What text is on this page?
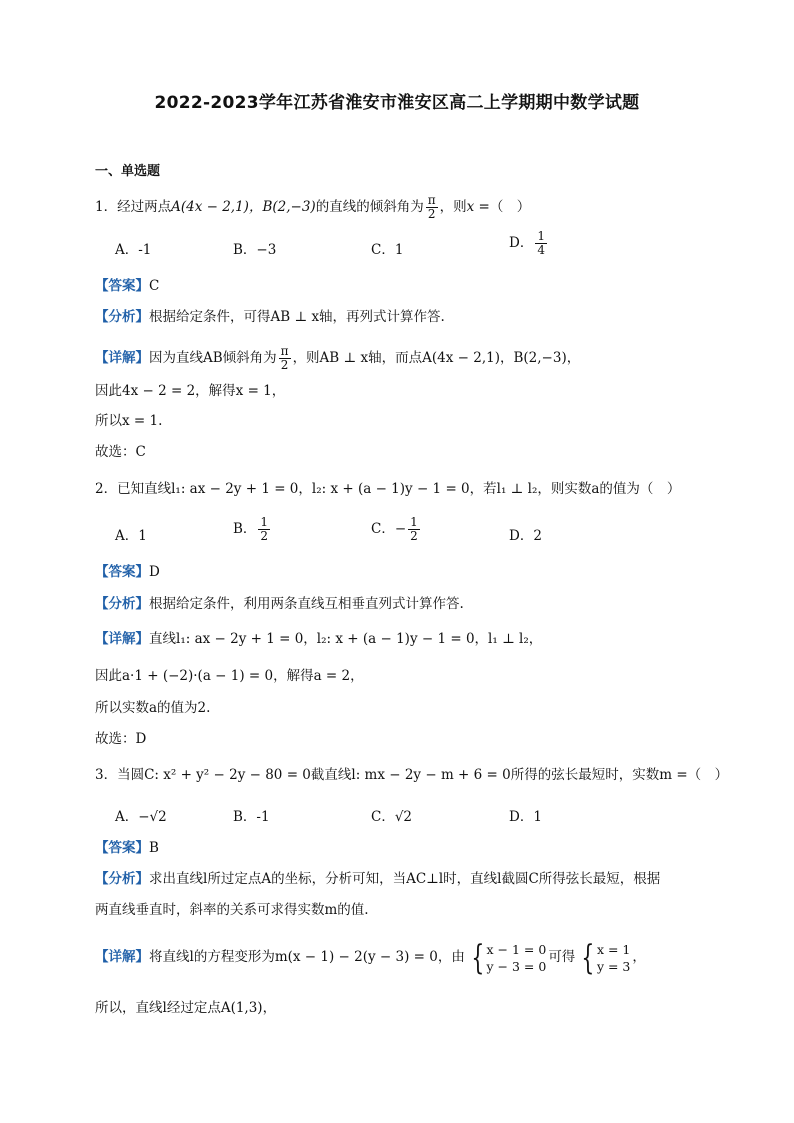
2022-2023学年江苏省淮安市淮安区高二上学期期中数学试题
一、单选题
1．经过两点A(4x − 2,1)，B(2,−3)的直线的倾斜角为 $\frac{\pi}{2}$ ，则x =（　）
A．-1	B．−3	C．1	D． $\frac{1}{4}$
【答案】C
【分析】根据给定条件，可得AB ⊥ x轴，再列式计算作答.
【详解】因为直线AB倾斜角为 $\frac{\pi}{2}$ ，则AB ⊥ x轴，而点A(4x − 2,1)，B(2,−3)，
因此4x − 2 = 2，解得x = 1，
所以x = 1.
故选：C
2．已知直线l₁: ax − 2y + 1 = 0，l₂: x + (a − 1)y − 1 = 0，若l₁ ⊥ l₂，则实数a的值为（　）
A．1	B． $\frac{1}{2}$	C．− $\frac{1}{2}$	D．2
【答案】D
【分析】根据给定条件，利用两条直线互相垂直列式计算作答.
【详解】直线l₁: ax − 2y + 1 = 0，l₂: x + (a − 1)y − 1 = 0，l₁ ⊥ l₂，
因此a·1 + (−2)·(a − 1) = 0，解得a = 2，
所以实数a的值为2.
故选：D
3．当圆C: x² + y² − 2y − 80 = 0截直线l: mx − 2y − m + 6 = 0所得的弦长最短时，实数m =（　）
A．−√2	B．-1	C．√2	D．1
【答案】B
【分析】求出直线l所过定点A的坐标，分析可知，当AC⊥l时，直线l截圆C所得弦长最短，根据
两直线垂直时，斜率的关系可求得实数m的值.
【详解】将直线l的方程变形为m(x − 1) − 2(y − 3) = 0，由 { x − 1 = 0
y − 3 = 0
可得 { x = 1
y = 3
，
所以，直线l经过定点A(1,3)，
